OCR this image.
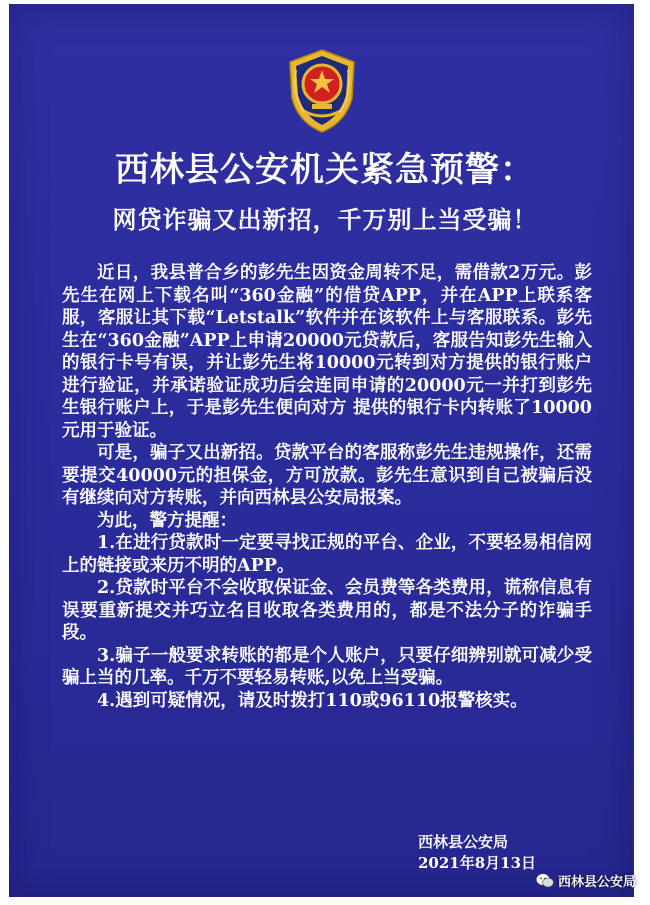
西林县公安机关紧急预警：
网贷诈骗又出新招，千万别上当受骗！

近日，我县普合乡的彭先生因资金周转不足，需借款2万元。彭先生在网上下载名叫“360金融”的借贷APP，并在APP上联系客服，客服让其下载“Letstalk”软件并在该软件上与客服联系。彭先生在“360金融”APP上申请20000元贷款后，客服告知彭先生输入的银行卡号有误，并让彭先生将10000元转到对方提供的银行账户进行验证，并承诺验证成功后会连同申请的20000元一并打到彭先生银行账户上，于是彭先生便向对方 提供的银行卡内转账了10000元用于验证。

可是，骗子又出新招。贷款平台的客服称彭先生违规操作，还需要提交40000元的担保金，方可放款。彭先生意识到自己被骗后没有继续向对方转账，并向西林县公安局报案。

为此，警方提醒：

1.在进行贷款时一定要寻找正规的平台、企业，不要轻易相信网上的链接或来历不明的APP。

2.贷款时平台不会收取保证金、会员费等各类费用，谎称信息有误要重新提交并巧立名目收取各类费用的，都是不法分子的诈骗手段。

3.骗子一般要求转账的都是个人账户，只要仔细辨别就可减少受骗上当的几率。千万不要轻易转账,以免上当受骗。

4.遇到可疑情况，请及时拨打110或96110报警核实。

西林县公安局
2021年8月13日
西林县公安局
